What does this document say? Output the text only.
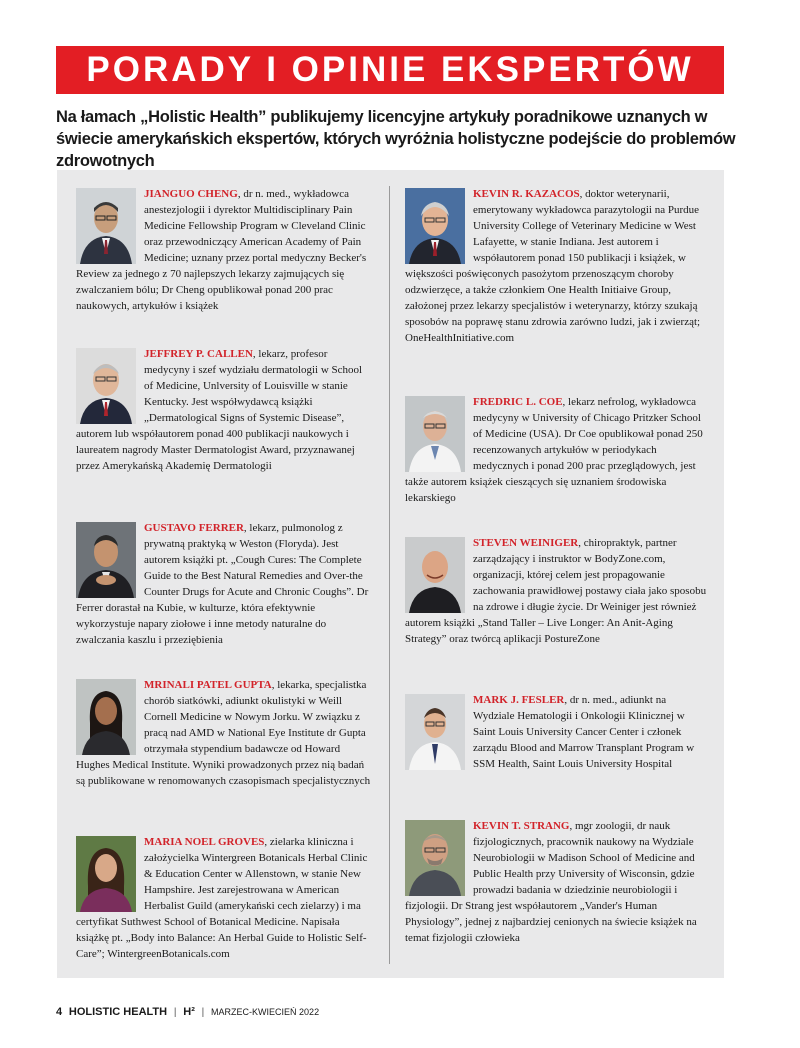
PORADY I OPINIE EKSPERTÓW

Na łamach „Holistic Health” publikujemy licencyjne artykuły poradnikowe uznanych w świecie amerykańskich ekspertów, których wyróżnia holistyczne podejście do problemów zdrowotnych

JIANGUO CHENG, dr n. med., wykładowca anestezjologii i dyrektor Multidisciplinary Pain Medicine Fellowship Program w Cleveland Clinic oraz przewodniczący American Academy of Pain Medicine; uznany przez portal medyczny Becker's Review za jednego z 70 najlepszych lekarzy zajmujących się zwalczaniem bólu; Dr Cheng opublikował ponad 200 prac naukowych, artykułów i książek

JEFFREY P. CALLEN, lekarz, profesor medycyny i szef wydziału dermatologii w School of Medicine, Unlversity of Louisville w stanie Kentucky. Jest współwydawcą książki „Dermatological Signs of Systemic Disease”, autorem lub współautorem ponad 400 publikacji naukowych i laureatem nagrody Master Dermatologist Award, przyznawanej przez Amerykańską Akademię Dermatologii

GUSTAVO FERRER, lekarz, pulmonolog z prywatną praktyką w Weston (Floryda). Jest autorem książki pt. „Cough Cures: The Complete Guide to the Best Natural Remedies and Over-the Counter Drugs for Acute and Chronic Coughs”. Dr Ferrer dorastał na Kubie, w kulturze, która efektywnie wykorzystuje napary ziołowe i inne metody naturalne do zwalczania kaszlu i przeziębienia

MRINALI PATEL GUPTA, lekarka, specjalistka chorób siatkówki, adiunkt okulistyki w Weill Cornell Medicine w Nowym Jorku. W związku z pracą nad AMD w National Eye Institute dr Gupta otrzymała stypendium badawcze od Howard Hughes Medical Institute. Wyniki prowadzonych przez nią badań są publikowane w renomowanych czasopismach specjalistycznych

MARIA NOEL GROVES, zielarka kliniczna i założycielka Wintergreen Botanicals Herbal Clinic & Education Center w Allenstown, w stanie New Hampshire. Jest zarejestrowana w American Herbalist Guild (amerykański cech zielarzy) i ma certyfikat Suthwest School of Botanical Medicine. Napisała książkę pt. „Body into Balance: An Herbal Guide to Holistic Self-Care”; WintergreenBotanicals.com

KEVIN R. KAZACOS, doktor weterynarii, emerytowany wykładowca parazytologii na Purdue University College of Veterinary Medicine w West Lafayette, w stanie Indiana. Jest autorem i współautorem ponad 150 publikacji i książek, w większości poświęconych pasożytom przenoszącym choroby odzwierzęce, a także członkiem One Health Initiaive Group, założonej przez lekarzy specjalistów i weterynarzy, którzy szukają sposobów na poprawę stanu zdrowia zarówno ludzi, jak i zwierząt; OneHealthInitiative.com

FREDRIC L. COE, lekarz nefrolog, wykładowca medycyny w University of Chicago Pritzker School of Medicine (USA). Dr Coe opublikował ponad 250 recenzowanych artykułów w periodykach medycznych i ponad 200 prac przeglądowych, jest także autorem książek cieszących się uznaniem środowiska lekarskiego

STEVEN WEINIGER, chiropraktyk, partner zarządzający i instruktor w BodyZone.com, organizacji, której celem jest propagowanie zachowania prawidłowej postawy ciała jako sposobu na zdrowe i długie życie. Dr Weiniger jest również autorem książki „Stand Taller – Live Longer: An Anit-Aging Strategy” oraz twórcą aplikacji PostureZone

MARK J. FESLER, dr n. med., adiunkt na Wydziale Hematologii i Onkologii Klinicznej w Saint Louis University Cancer Center i członek zarządu Blood and Marrow Transplant Program w SSM Health, Saint Louis University Hospital

KEVIN T. STRANG, mgr zoologii, dr nauk fizjologicznych, pracownik naukowy na Wydziale Neurobiologii w Madison School of Medicine and Public Health przy University of Wisconsin, gdzie prowadzi badania w dziedzinie neurobiologii i fizjologii. Dr Strang jest współautorem „Vander's Human Physiology”, jednej z najbardziej cenionych na świecie książek na temat fizjologii człowieka

4 HOLISTIC HEALTH | H² | MARZEC-KWIECIEŃ 2022
